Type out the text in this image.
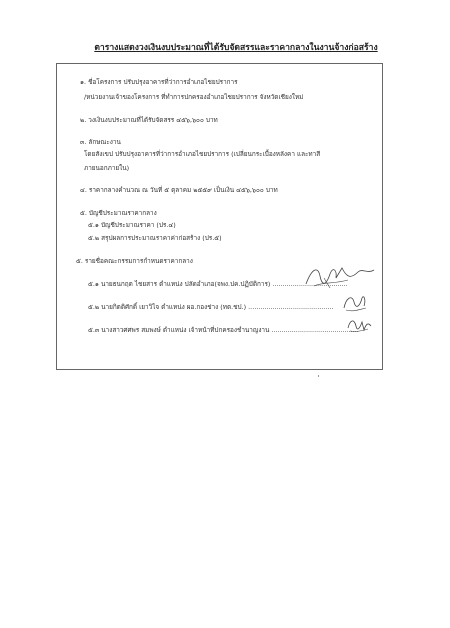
ตารางแสดงวงเงินงบประมาณที่ได้รับจัดสรรและราคากลางในงานจ้างก่อสร้าง
๑. ชื่อโครงการ ปรับปรุงอาคารที่ว่าการอำเภอไชยปราการ
/หน่วยงานเจ้าของโครงการ ที่ทำการปกครองอำเภอไชยปราการ จังหวัดเชียงใหม่
๒. วงเงินงบประมาณที่ได้รับจัดสรร ๔๕๖,๖๐๐ บาท
๓. ลักษณะงาน
โดยสังเขป ปรับปรุงอาคารที่ว่าการอำเภอไชยปราการ (เปลี่ยนกระเบื้องหลังคา และทาสี
ภายนอกภายใน)
๔. ราคากลางคำนวณ ณ วันที่ ๕ ตุลาคม ๒๕๕๙ เป็นเงิน ๔๕๖,๖๐๐ บาท
๕. บัญชีประมาณราคากลาง
๕.๑ บัญชีประมาณราคา (ปร.๔)
๕.๒ สรุปผลการประมาณราคาค่าก่อสร้าง (ปร.๕)
๕. รายชื่อคณะกรรมการกำหนดราคากลาง
๕.๑ นายธนกฤต ไชยสาร ตำแหน่ง ปลัดอำเภอ(จพง.ปค.ปฏิบัติการ) .....................................
๕.๒ นายกิตติศักดิ์ เยาวิไจ ตำแหน่ง ผอ.กองช่าง (ทต.ชป.) ..........................................
๕.๓ นางสาวศศพร สมพงษ์ ตำแหน่ง เจ้าหน้าที่ปกครองชำนาญงาน ...........................................
